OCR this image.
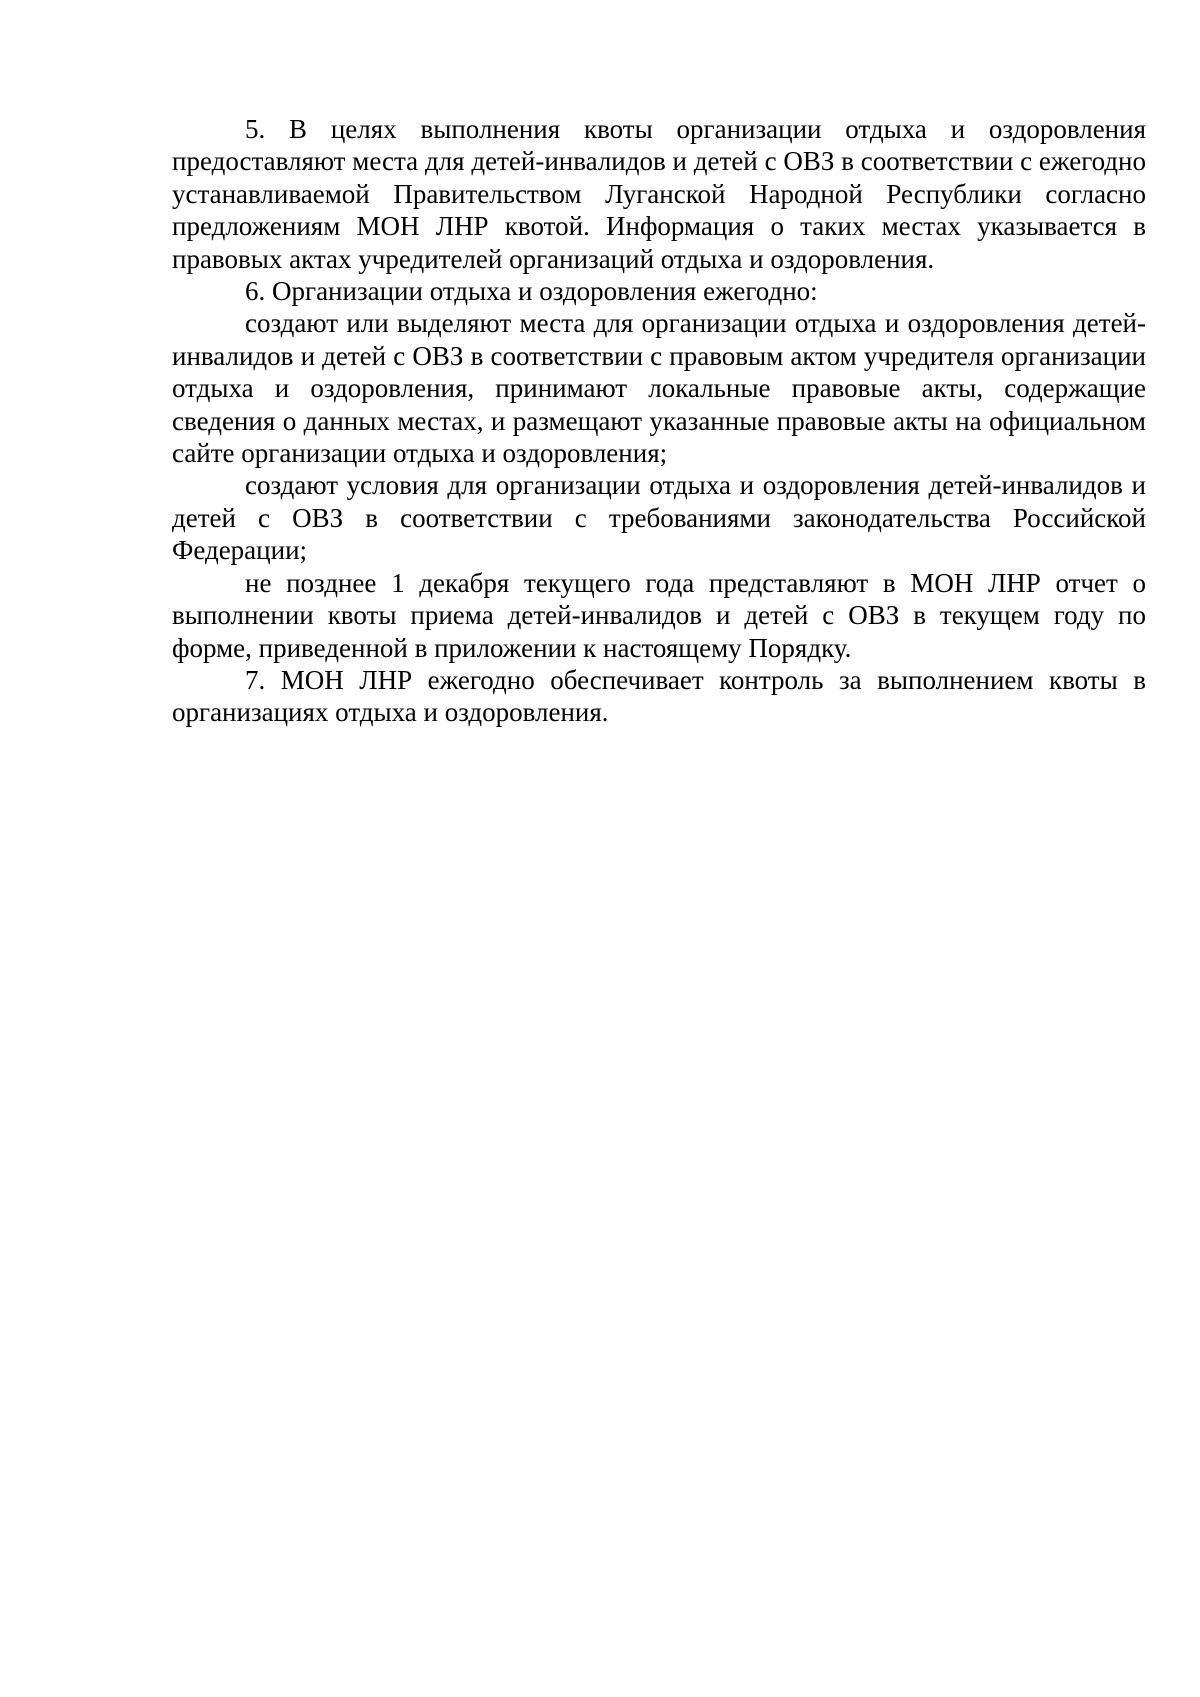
5. В целях выполнения квоты организации отдыха и оздоровления предоставляют места для детей-инвалидов и детей с ОВЗ в соответствии с ежегодно устанавливаемой Правительством Луганской Народной Республики согласно предложениям МОН ЛНР квотой. Информация о таких местах указывается в правовых актах учредителей организаций отдыха и оздоровления.

6. Организации отдыха и оздоровления ежегодно:

создают или выделяют места для организации отдыха и оздоровления детей-инвалидов и детей с ОВЗ в соответствии с правовым актом учредителя организации отдыха и оздоровления, принимают локальные правовые акты, содержащие сведения о данных местах, и размещают указанные правовые акты на официальном сайте организации отдыха и оздоровления;

создают условия для организации отдыха и оздоровления детей-инвалидов и детей с ОВЗ в соответствии с требованиями законодательства Российской Федерации;

не позднее 1 декабря текущего года представляют в МОН ЛНР отчет о выполнении квоты приема детей-инвалидов и детей с ОВЗ в текущем году по форме, приведенной в приложении к настоящему Порядку.

7. МОН ЛНР ежегодно обеспечивает контроль за выполнением квоты в организациях отдыха и оздоровления.
